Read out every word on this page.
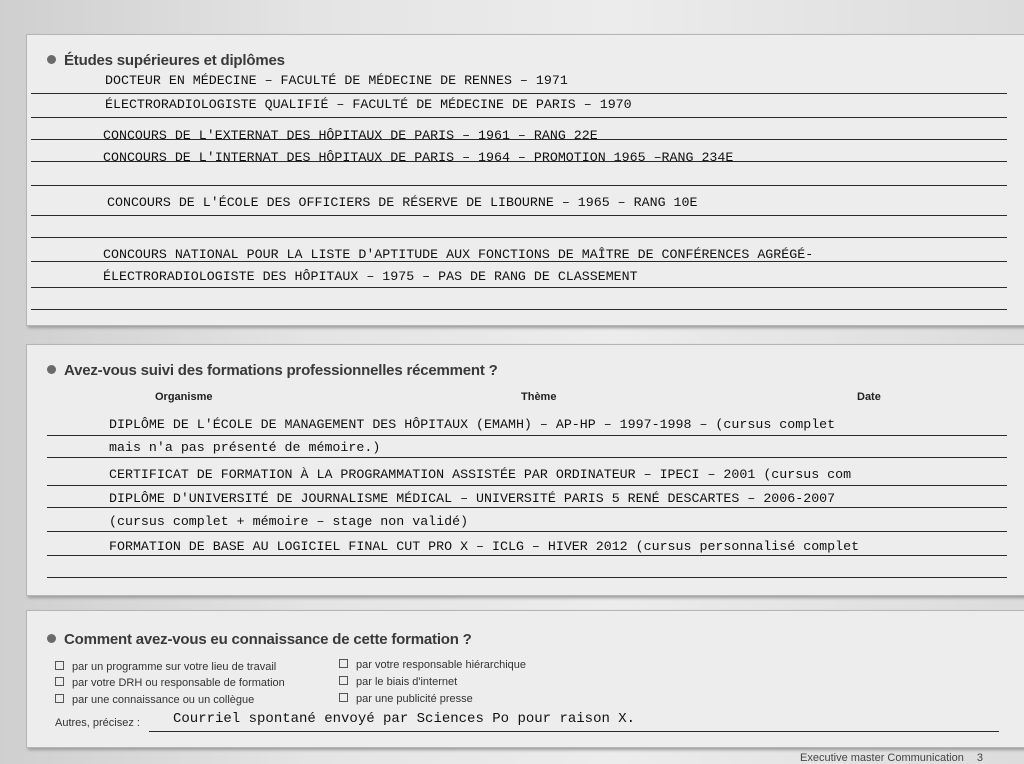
Études supérieures et diplômes
DOCTEUR EN MÉDECINE – FACULTÉ DE MÉDECINE DE RENNES – 1971
ÉLECTRORADIOLOGISTE QUALIFIÉ – FACULTÉ DE MÉDECINE DE PARIS – 1970
CONCOURS DE L'EXTERNAT DES HÔPITAUX DE PARIS – 1961 – RANG 22E
CONCOURS DE L'INTERNAT DES HÔPITAUX DE PARIS – 1964 – PROMOTION 1965 –RANG 234E
CONCOURS DE L'ÉCOLE DES OFFICIERS DE RÉSERVE DE LIBOURNE – 1965 – RANG 10E
CONCOURS NATIONAL POUR LA LISTE D'APTITUDE AUX FONCTIONS DE MAÎTRE DE CONFÉRENCES AGRÉGÉ-
ÉLECTRORADIOLOGISTE DES HÔPITAUX – 1975 – PAS DE RANG DE CLASSEMENT
Avez-vous suivi des formations professionnelles récemment ?
Organisme	Thème	Date
DIPLÔME DE L'ÉCOLE DE MANAGEMENT DES HÔPITAUX (EMAMH) – AP-HP – 1997-1998 – (cursus complet
mais n'a pas présenté de mémoire.)
CERTIFICAT DE FORMATION À LA PROGRAMMATION ASSISTÉE PAR ORDINATEUR – IPECI – 2001 (cursus com
DIPLÔME D'UNIVERSITÉ DE JOURNALISME MÉDICAL – UNIVERSITÉ PARIS 5 RENÉ DESCARTES – 2006-2007
(cursus complet + mémoire – stage non validé)
FORMATION DE BASE AU LOGICIEL FINAL CUT PRO X – ICLG – HIVER 2012 (cursus personnalisé complet
Comment avez-vous eu connaissance de cette formation ?
par un programme sur votre lieu de travail
par votre DRH ou responsable de formation
par une connaissance ou un collègue
par votre responsable hiérarchique
par le biais d'internet
par une publicité presse
Autres, précisez : Courriel spontané envoyé par Sciences Po pour raison X.
Executive master Communication 3
